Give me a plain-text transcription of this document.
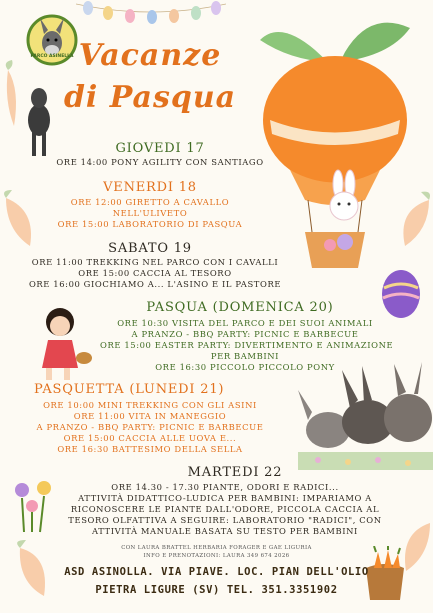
PARCO ASINELLA Vacanze
di Pasqua
GIOVEDI 17
ORE 14:00 PONY AGILITY CON SANTIAGO
VENERDI 18
ORE 12:00 GIRETTO A CAVALLO
NELL'ULIVETO
ORE 15:00 LABORATORIO DI PASQUA
SABATO 19
ORE 11:00 TREKKING NEL PARCO CON I CAVALLI
ORE 15:00 CACCIA AL TESORO
ORE 16:00 GIOCHIAMO A... L'ASINO E IL PASTORE
PASQUA (DOMENICA 20)
ORE 10:30 VISITA DEL PARCO E DEI SUOI ANIMALI
A PRANZO - BBQ PARTY: PICNIC E BARBECUE
ORE 15:00 EASTER PARTY: DIVERTIMENTO E ANIMAZIONE
PER BAMBINI
ORE 16:30 PICCOLO PICCOLO PONY
PASQUETTA (LUNEDI 21)
ORE 10:00 MINI TREKKING CON GLI ASINI
ORE 11:00 VITA IN MANEGGIO
A PRANZO - BBQ PARTY: PICNIC E BARBECUE
ORE 15:00 CACCIA ALLE UOVA E...
ORE 16:30 BATTESIMO DELLA SELLA
MARTEDI 22
ORE 14.30 - 17.30 PIANTE, ODORI E RADICI...
ATTIVITÀ DIDATTICO-LUDICA PER BAMBINI: IMPARIAMO A
RICONOSCERE LE PIANTE DALL'ODORE, PICCOLA CACCIA AL
TESORO OLFATTIVA A SEGUIRE: LABORATORIO "RADICI", CON
ATTIVITÀ MANUALE BASATA SU TESTO PER BAMBINI
CON LAURA BRATTEL HERBARIA FORAGER E GAE LIGURIA
INFO E PRENOTAZIONI: LAURA 349 674 2026
ASD ASINOLLA. VIA PIAVE. LOC. PIAN DELL'OLIO
PIETRA LIGURE (SV) TEL. 351.3351902
